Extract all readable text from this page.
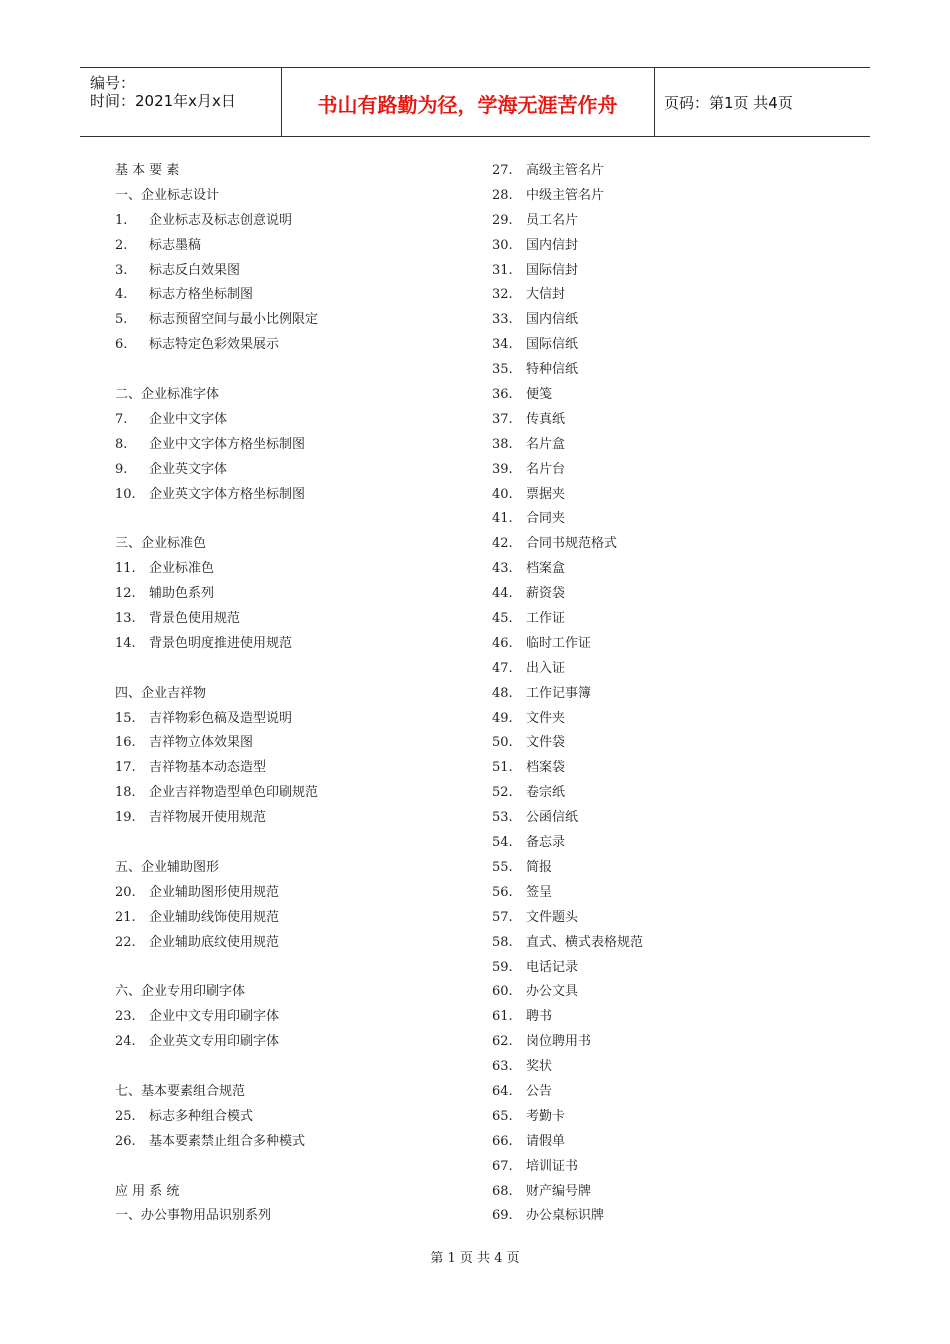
编号：
时间：2021年x月x日	书山有路勤为径，学海无涯苦作舟	页码：第1页 共4页
基 本 要 素
一、企业标志设计
1. 企业标志及标志创意说明
2. 标志墨稿
3. 标志反白效果图
4. 标志方格坐标制图
5. 标志预留空间与最小比例限定
6. 标志特定色彩效果展示
二、企业标准字体
7. 企业中文字体
8. 企业中文字体方格坐标制图
9. 企业英文字体
10. 企业英文字体方格坐标制图
三、企业标准色
11. 企业标准色
12. 辅助色系列
13. 背景色使用规范
14. 背景色明度推进使用规范
四、企业吉祥物
15. 吉祥物彩色稿及造型说明
16. 吉祥物立体效果图
17. 吉祥物基本动态造型
18. 企业吉祥物造型单色印刷规范
19. 吉祥物展开使用规范
五、企业辅助图形
20. 企业辅助图形使用规范
21. 企业辅助线饰使用规范
22. 企业辅助底纹使用规范
六、企业专用印刷字体
23. 企业中文专用印刷字体
24. 企业英文专用印刷字体
七、基本要素组合规范
25. 标志多种组合模式
26. 基本要素禁止组合多种模式
应 用 系 统
一、办公事物用品识别系列
27. 高级主管名片
28. 中级主管名片
29. 员工名片
30. 国内信封
31. 国际信封
32. 大信封
33. 国内信纸
34. 国际信纸
35. 特种信纸
36. 便笺
37. 传真纸
38. 名片盒
39. 名片台
40. 票据夹
41. 合同夹
42. 合同书规范格式
43. 档案盒
44. 薪资袋
45. 工作证
46. 临时工作证
47. 出入证
48. 工作记事簿
49. 文件夹
50. 文件袋
51. 档案袋
52. 卷宗纸
53. 公函信纸
54. 备忘录
55. 简报
56. 签呈
57. 文件题头
58. 直式、横式表格规范
59. 电话记录
60. 办公文具
61. 聘书
62. 岗位聘用书
63. 奖状
64. 公告
65. 考勤卡
66. 请假单
67. 培训证书
68. 财产编号牌
69. 办公桌标识牌
第 1 页 共 4 页
